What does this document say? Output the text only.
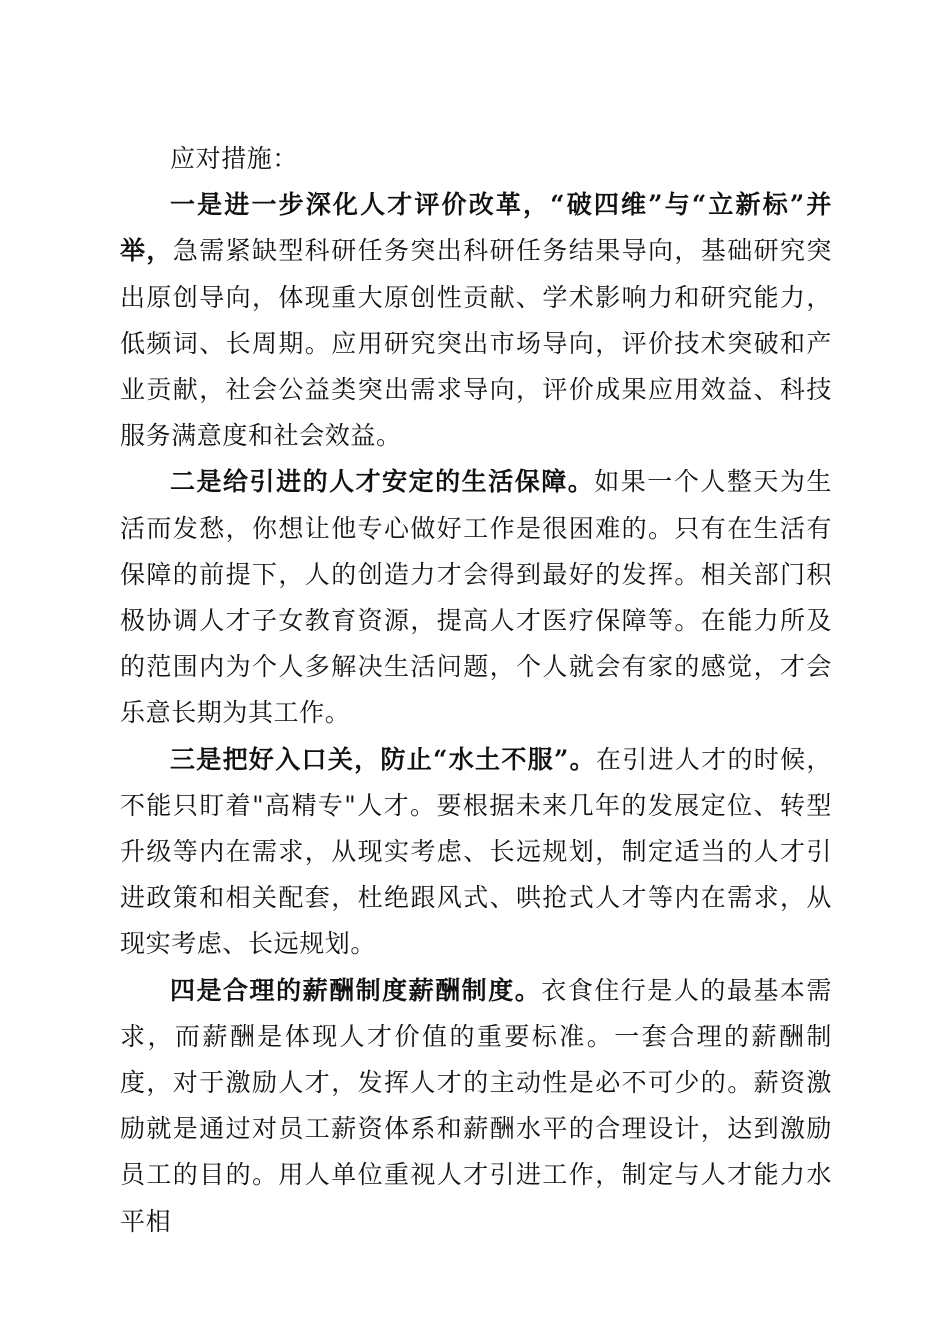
应对措施：

一是进一步深化人才评价改革，“破四维”与“立新标”并举，急需紧缺型科研任务突出科研任务结果导向，基础研究突出原创导向，体现重大原创性贡献、学术影响力和研究能力，低频词、长周期。应用研究突出市场导向，评价技术突破和产业贡献，社会公益类突出需求导向，评价成果应用效益、科技服务满意度和社会效益。

二是给引进的人才安定的生活保障。如果一个人整天为生活而发愁，你想让他专心做好工作是很困难的。只有在生活有保障的前提下，人的创造力才会得到最好的发挥。相关部门积极协调人才子女教育资源，提高人才医疗保障等。在能力所及的范围内为个人多解决生活问题，个人就会有家的感觉，才会乐意长期为其工作。

三是把好入口关，防止“水土不服”。在引进人才的时候，不能只盯着"高精专"人才。要根据未来几年的发展定位、转型升级等内在需求，从现实考虑、长远规划，制定适当的人才引进政策和相关配套，杜绝跟风式、哄抢式人才等内在需求，从现实考虑、长远规划。

四是合理的薪酬制度薪酬制度。衣食住行是人的最基本需求，而薪酬是体现人才价值的重要标准。一套合理的薪酬制度，对于激励人才，发挥人才的主动性是必不可少的。薪资激励就是通过对员工薪资体系和薪酬水平的合理设计，达到激励员工的目的。用人单位重视人才引进工作，制定与人才能力水平相
